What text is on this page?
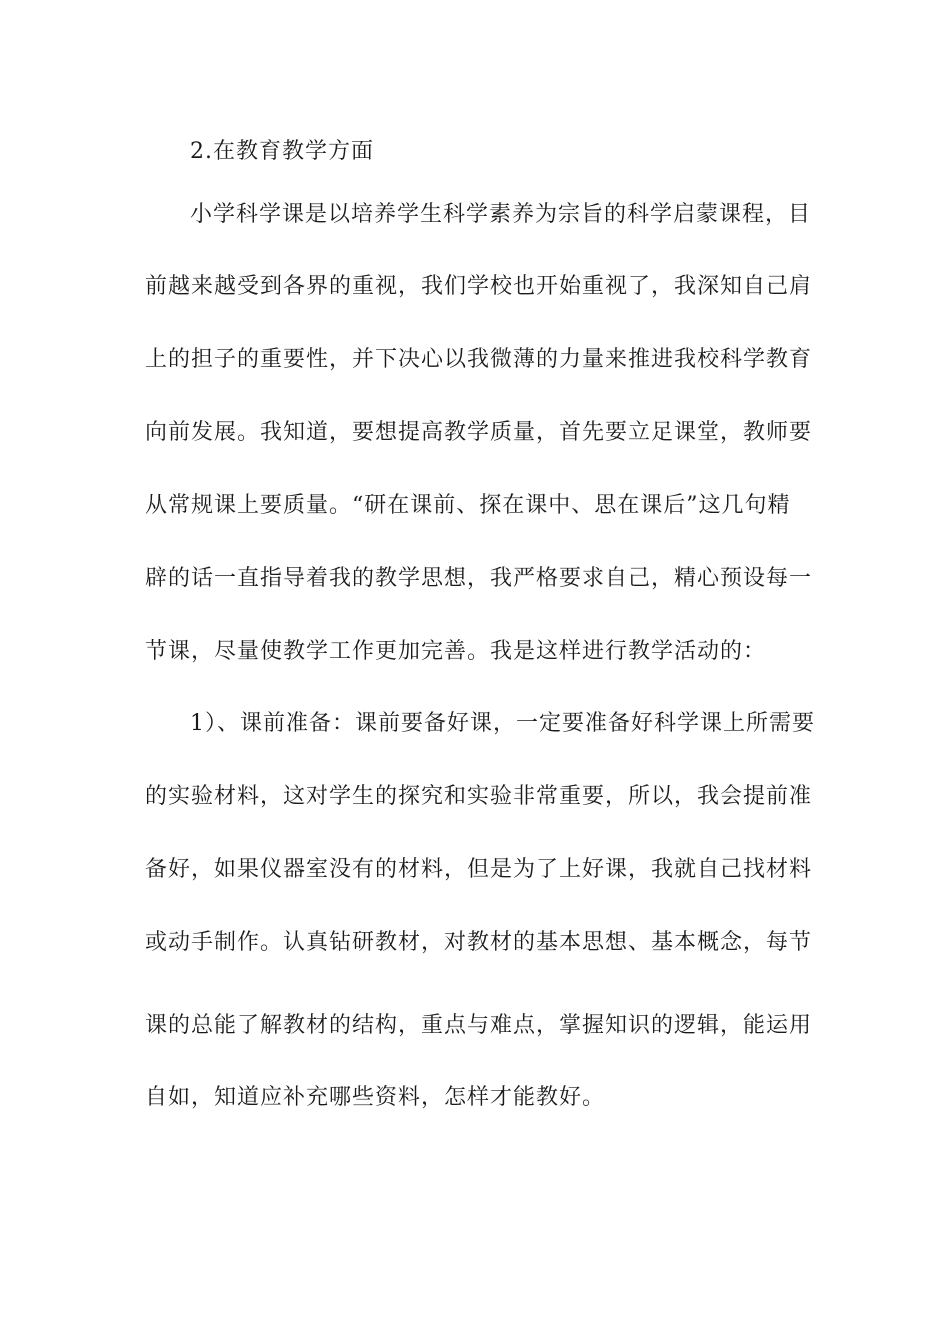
2.在教育教学方面
小学科学课是以培养学生科学素养为宗旨的科学启蒙课程，目
前越来越受到各界的重视，我们学校也开始重视了，我深知自己肩
上的担子的重要性，并下决心以我微薄的力量来推进我校科学教育
向前发展。我知道，要想提高教学质量，首先要立足课堂，教师要
从常规课上要质量。“研在课前、探在课中、思在课后”这几句精
辟的话一直指导着我的教学思想，我严格要求自己，精心预设每一
节课，尽量使教学工作更加完善。我是这样进行教学活动的：
1）、课前准备：课前要备好课，一定要准备好科学课上所需要
的实验材料，这对学生的探究和实验非常重要，所以，我会提前准
备好，如果仪器室没有的材料，但是为了上好课，我就自己找材料
或动手制作。认真钻研教材，对教材的基本思想、基本概念，每节
课的总能了解教材的结构，重点与难点，掌握知识的逻辑，能运用
自如，知道应补充哪些资料，怎样才能教好。
